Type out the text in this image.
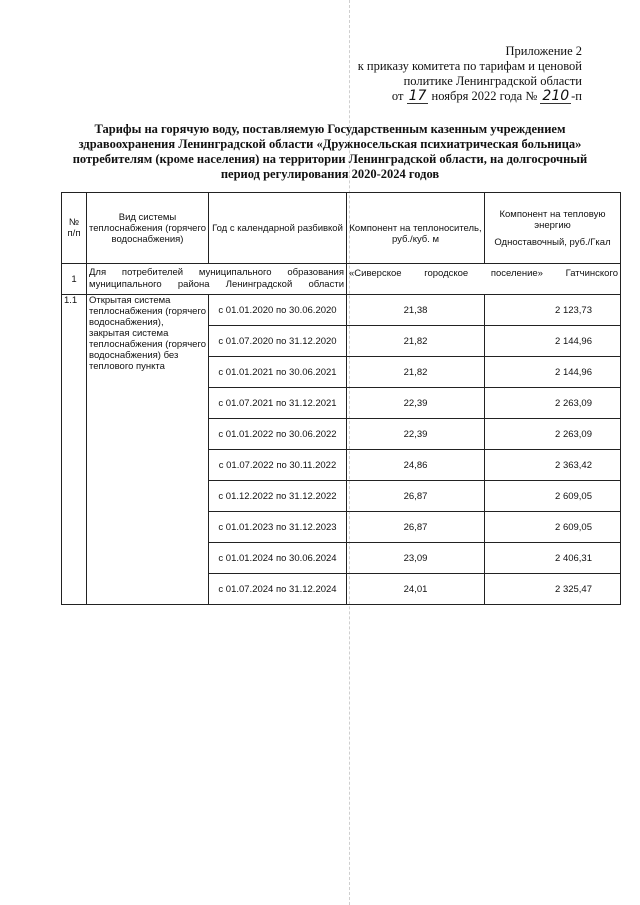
Приложение 2
к приказу комитета по тарифам и ценовой
политике Ленинградской области
от 17 ноября 2022 года № 210 -п
Тарифы на горячую воду, поставляемую Государственным казенным учреждением
здравоохранения Ленинградской области «Дружносельская психиатрическая больница»
потребителям (кроме населения) на территории Ленинградской области, на долгосрочный
период регулирования 2020-2024 годов
№ п/п	Вид системы теплоснабжения (горячего водоснабжения)	Год с календарной разбивкой	Компонент на теплоноситель, руб./куб. м	Компонент на тепловую энергию
Одноставочный, руб./Гкал

1	Для потребителей муниципального образования муниципального района Ленинградской области		«Сиверское городское поселение» Гатчинского	
1.1	Открытая система теплоснабжения (горячего водоснабжения), закрытая система теплоснабжения (горячего водоснабжения) без теплового пункта	с 01.01.2020 по 30.06.2020	21,38	2 123,73
		с 01.07.2020 по 31.12.2020	21,82	2 144,96
		с 01.01.2021 по 30.06.2021	21,82	2 144,96
		с 01.07.2021 по 31.12.2021	22,39	2 263,09
		с 01.01.2022 по 30.06.2022	22,39	2 263,09
		с 01.07.2022 по 30.11.2022	24,86	2 363,42
		с 01.12.2022 по 31.12.2022	26,87	2 609,05
		с 01.01.2023 по 31.12.2023	26,87	2 609,05
		с 01.01.2024 по 30.06.2024	23,09	2 406,31
		с 01.07.2024 по 31.12.2024	24,01	2 325,47
